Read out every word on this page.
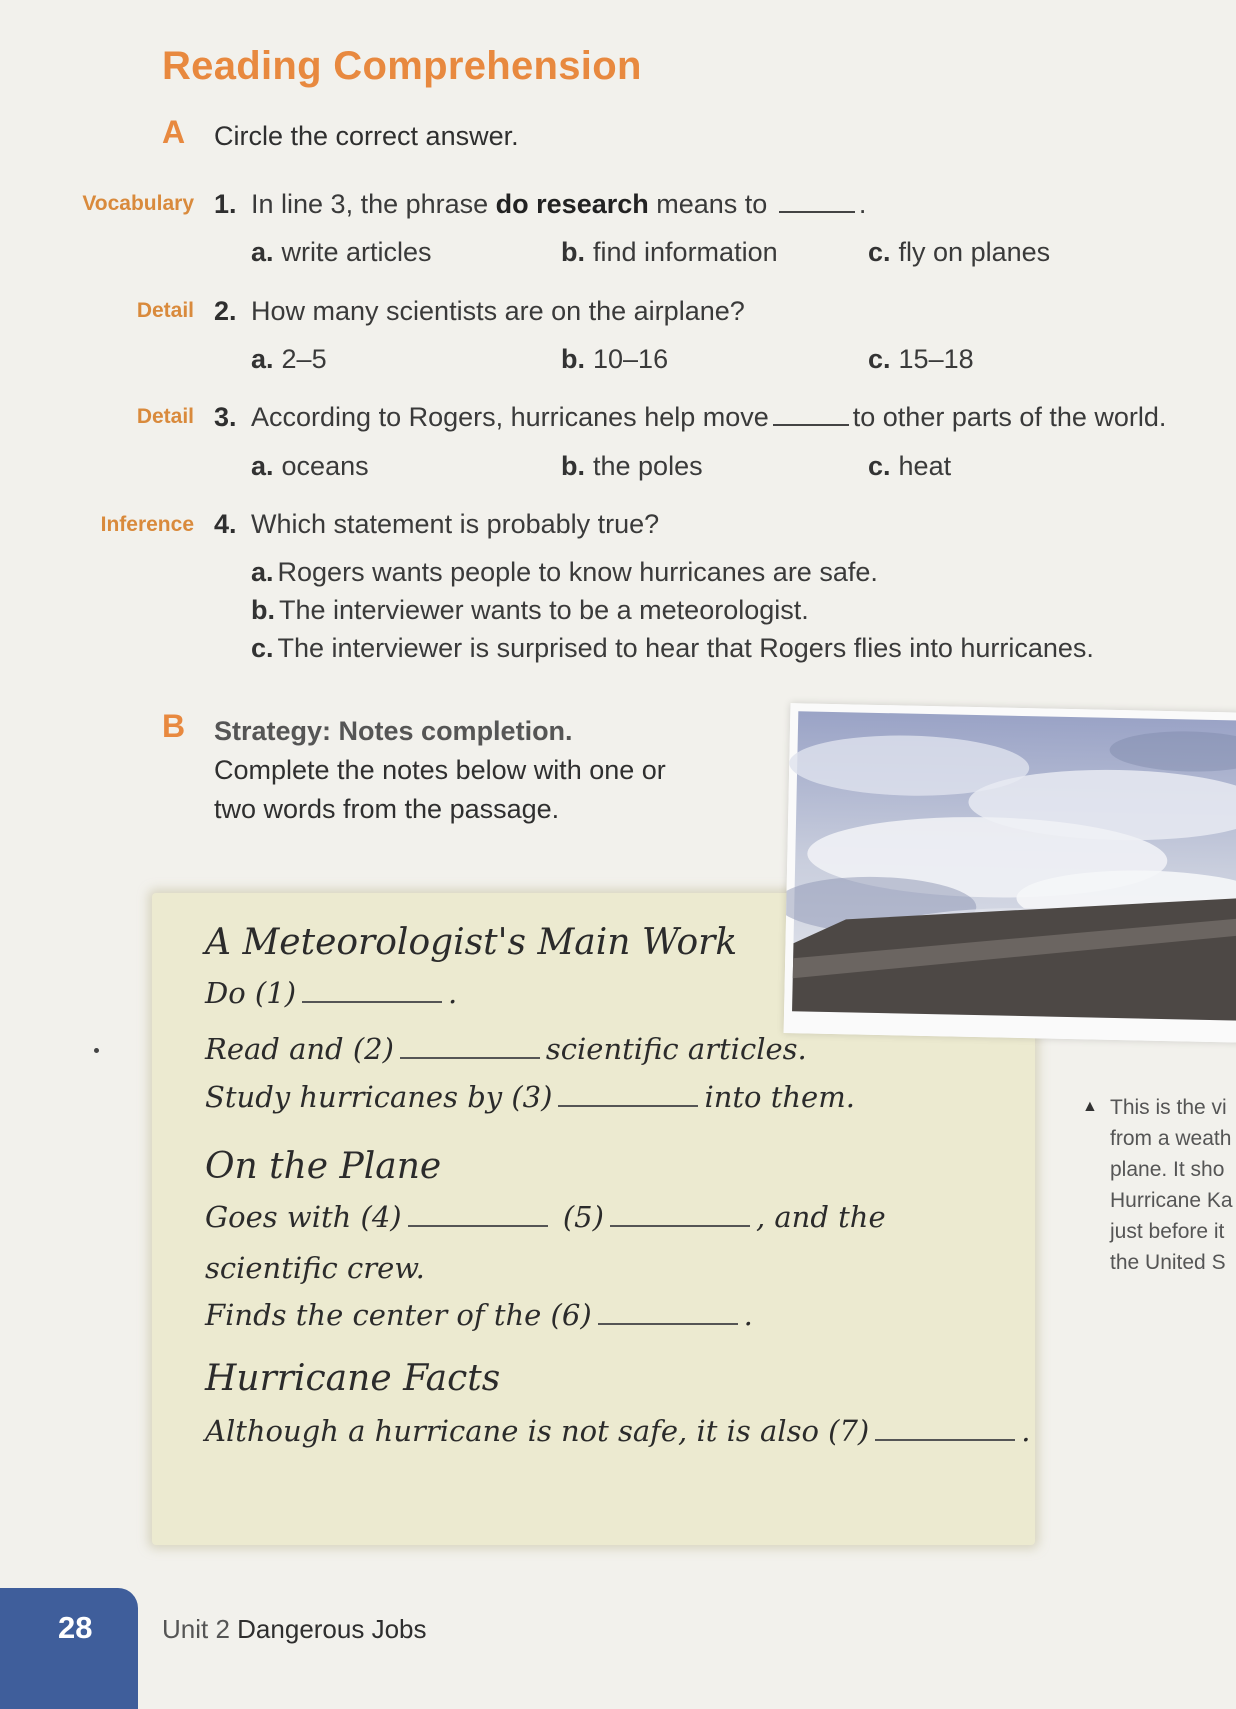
Reading Comprehension
A Circle the correct answer.
Vocabulary 1. In line 3, the phrase do research means to	.
a. write articles	b. find information	c. fly on planes
Detail 2. How many scientists are on the airplane?
a. 2–5	b. 10–16	c. 15–18
Detail 3. According to Rogers, hurricanes help move	to other parts of the world.
a. oceans	b. the poles	c. heat
Inference 4. Which statement is probably true?
a. Rogers wants people to know hurricanes are safe.
b. The interviewer wants to be a meteorologist.
c. The interviewer is surprised to hear that Rogers flies into hurricanes.
B Strategy: Notes completion.
Complete the notes below with one or
two words from the passage.
A Meteorologist's Main Work
Do (1)	.
Read and (2)	scientific articles.
Study hurricanes by (3)	into them.
On the Plane
Goes with (4)	(5)	, and the
scientific crew.
Finds the center of the (6)	.
Hurricane Facts
Although a hurricane is not safe, it is also (7)	.
▲ This is the vi
from a weath
plane. It sho
Hurricane Ka
just before it
the United S
28	Unit 2 Dangerous Jobs
